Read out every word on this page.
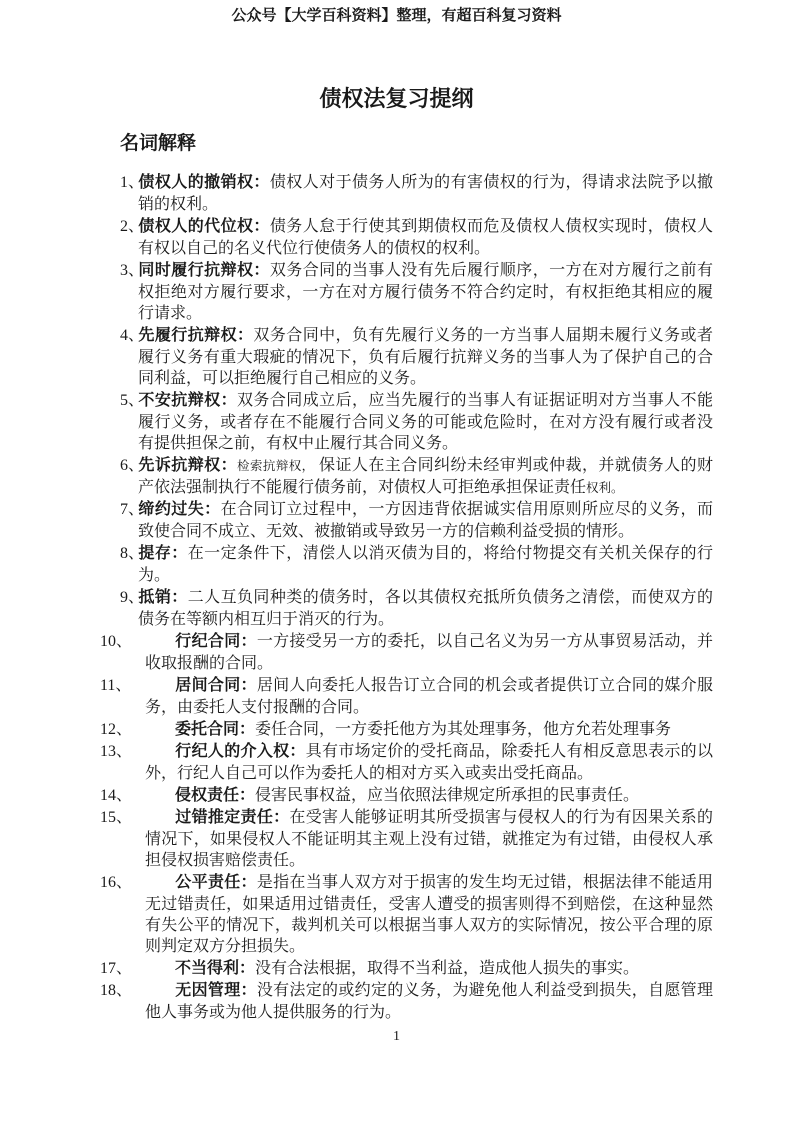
公众号【大学百科资料】整理，有超百科复习资料
债权法复习提纲
名词解释
1、债权人的撤销权：债权人对于债务人所为的有害债权的行为，得请求法院予以撤销的权利。
2、债权人的代位权：债务人怠于行使其到期债权而危及债权人债权实现时，债权人有权以自己的名义代位行使债务人的债权的权利。
3、同时履行抗辩权：双务合同的当事人没有先后履行顺序，一方在对方履行之前有权拒绝对方履行要求，一方在对方履行债务不符合约定时，有权拒绝其相应的履行请求。
4、先履行抗辩权：双务合同中，负有先履行义务的一方当事人届期未履行义务或者履行义务有重大瑕疵的情况下，负有后履行抗辩义务的当事人为了保护自己的合同利益，可以拒绝履行自己相应的义务。
5、不安抗辩权：双务合同成立后，应当先履行的当事人有证据证明对方当事人不能履行义务，或者存在不能履行合同义务的可能或危险时，在对方没有履行或者没有提供担保之前，有权中止履行其合同义务。
6、先诉抗辩权：检索抗辩权， 保证人在主合同纠纷未经审判或仲裁，并就债务人的财产依法强制执行不能履行债务前，对债权人可拒绝承担保证责任权利。
7、缔约过失：在合同订立过程中，一方因违背依据诚实信用原则所应尽的义务，而致使合同不成立、无效、被撤销或导致另一方的信赖利益受损的情形。
8、提存：在一定条件下，清偿人以消灭债为目的，将给付物提交有关机关保存的行为。
9、抵销：二人互负同种类的债务时，各以其债权充抵所负债务之清偿，而使双方的债务在等额内相互归于消灭的行为。
10、	行纪合同：一方接受另一方的委托，以自己名义为另一方从事贸易活动，并收取报酬的合同。
11、	居间合同：居间人向委托人报告订立合同的机会或者提供订立合同的媒介服务，由委托人支付报酬的合同。
12、	委托合同：委任合同，一方委托他方为其处理事务，他方允若处理事务
13、	行纪人的介入权：具有市场定价的受托商品，除委托人有相反意思表示的以外，行纪人自己可以作为委托人的相对方买入或卖出受托商品。
14、	侵权责任：侵害民事权益，应当依照法律规定所承担的民事责任。
15、	过错推定责任：在受害人能够证明其所受损害与侵权人的行为有因果关系的情况下，如果侵权人不能证明其主观上没有过错，就推定为有过错，由侵权人承担侵权损害赔偿责任。
16、	公平责任：是指在当事人双方对于损害的发生均无过错，根据法律不能适用无过错责任，如果适用过错责任，受害人遭受的损害则得不到赔偿，在这种显然有失公平的情况下，裁判机关可以根据当事人双方的实际情况，按公平合理的原则判定双方分担损失。
17、	不当得利：没有合法根据，取得不当利益，造成他人损失的事实。
18、	无因管理：没有法定的或约定的义务，为避免他人利益受到损失，自愿管理他人事务或为他人提供服务的行为。
1
